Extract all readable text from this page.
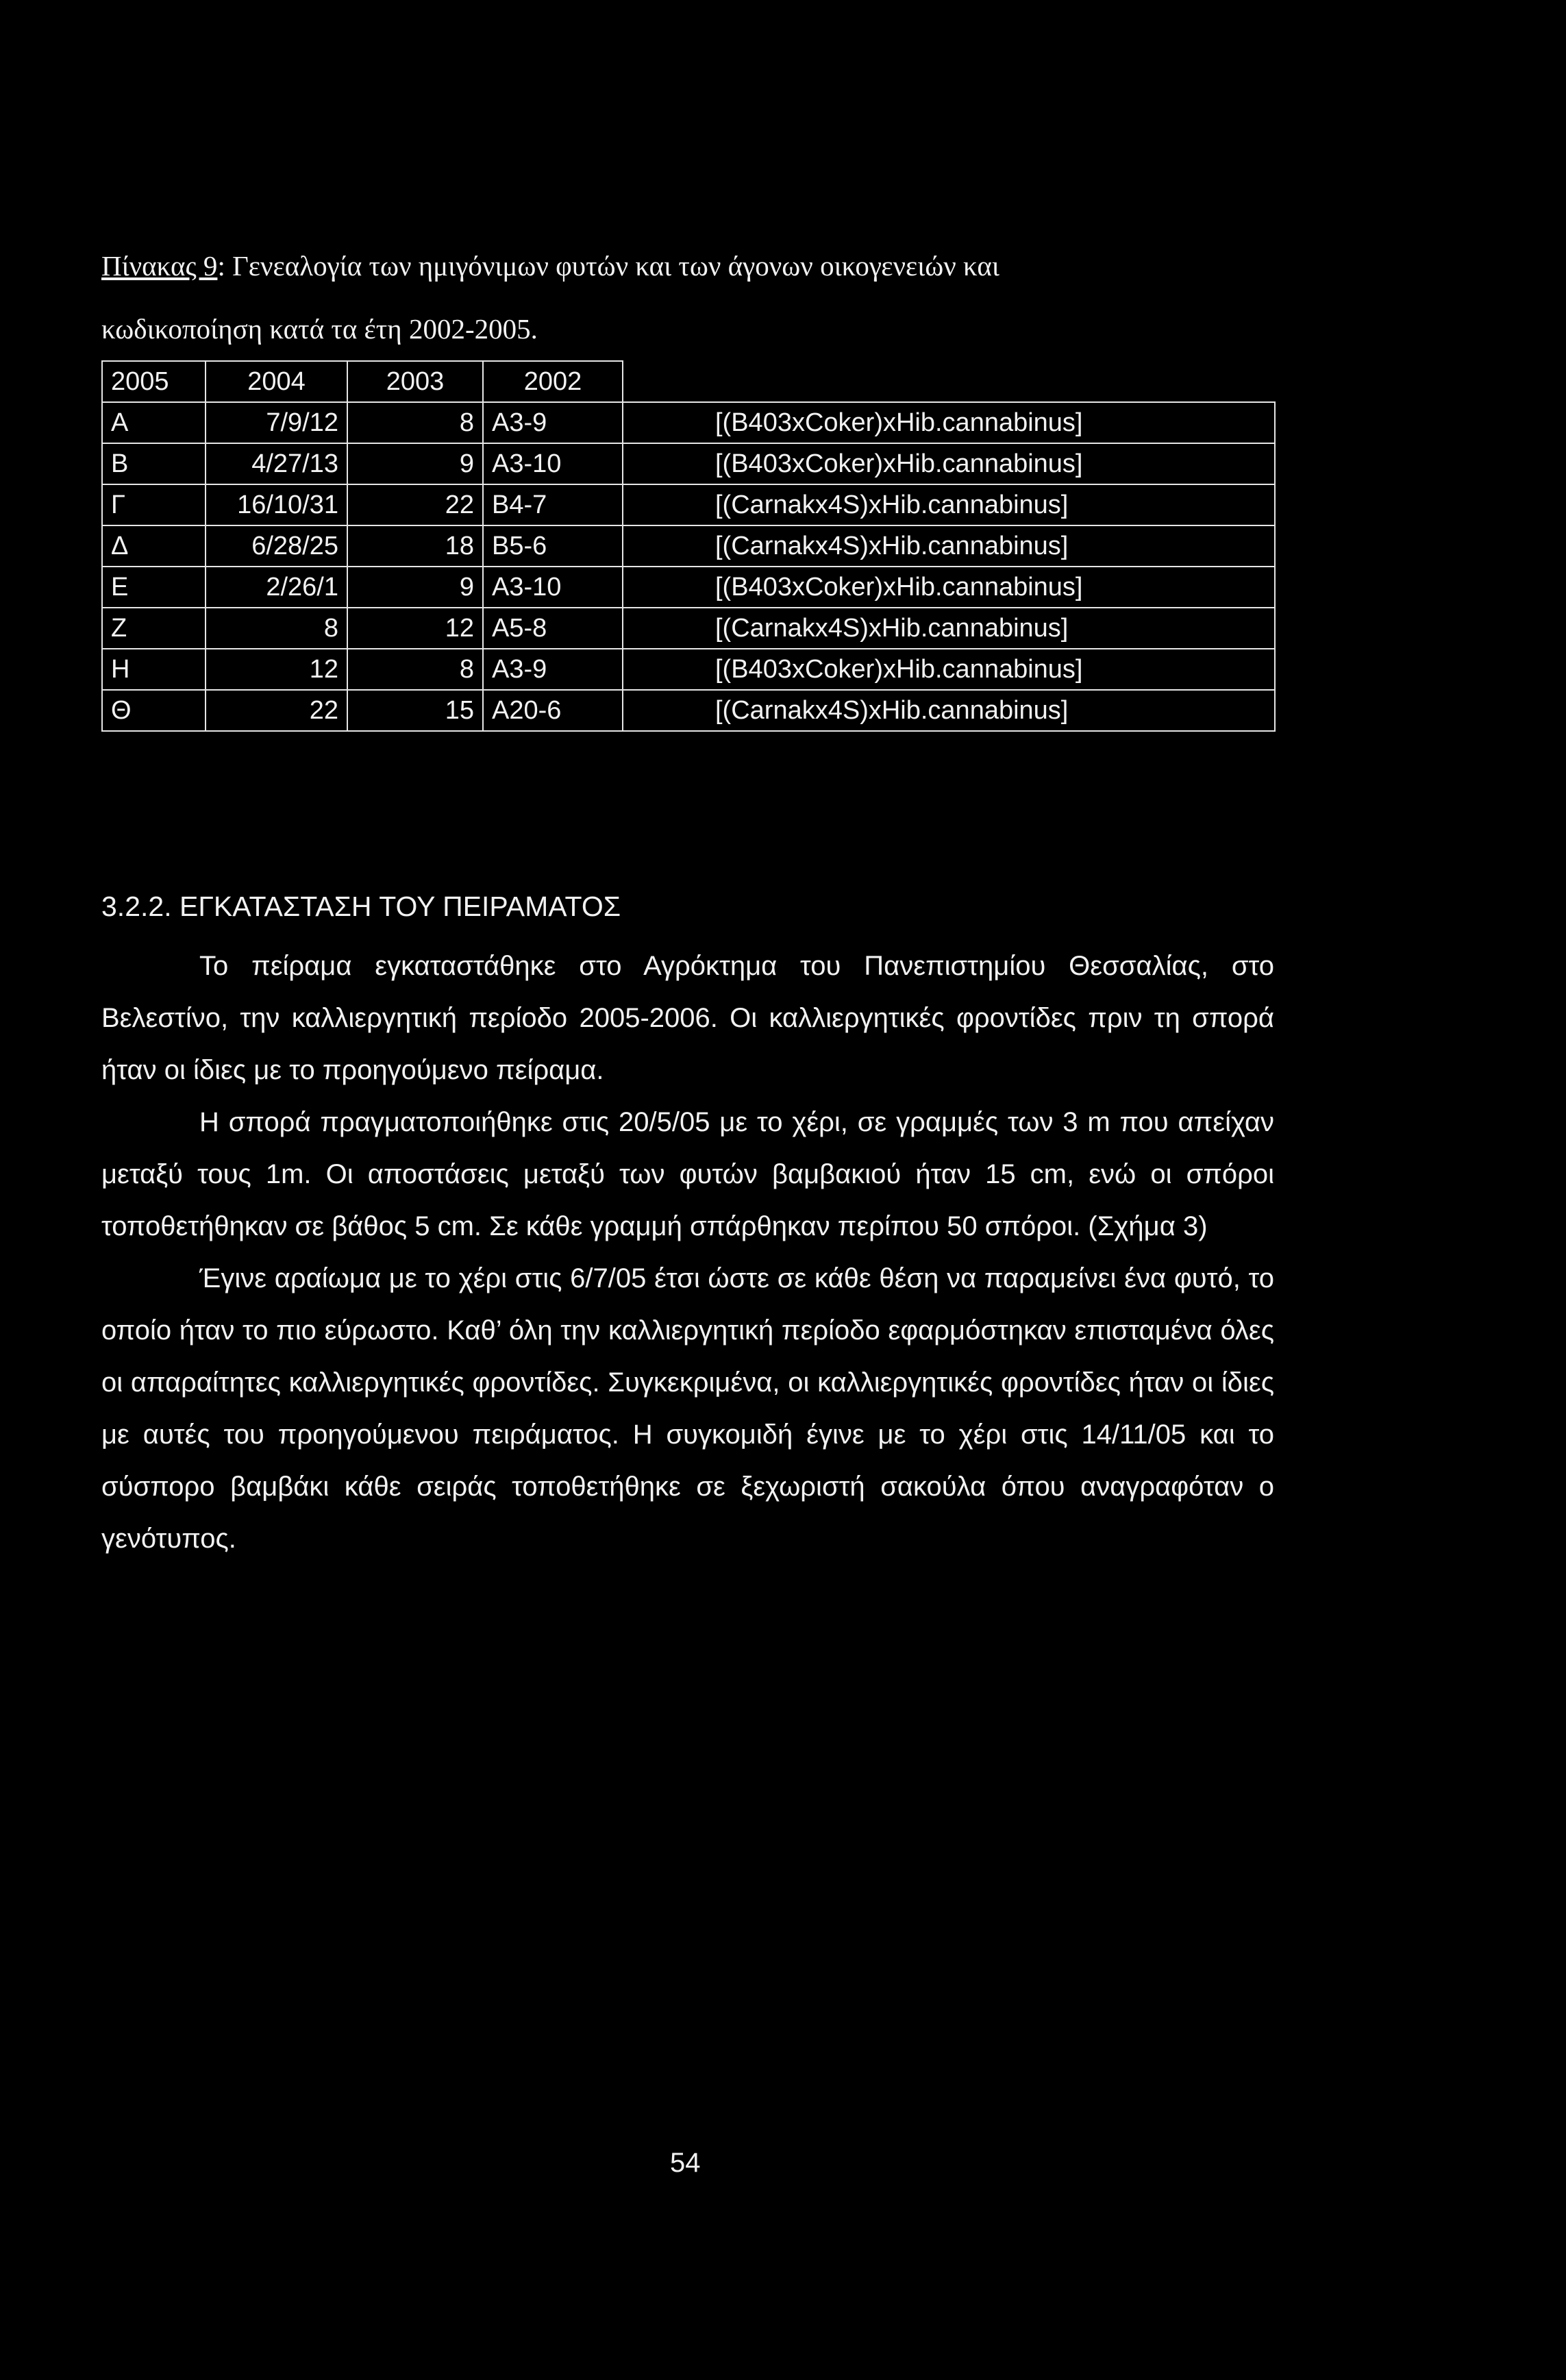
Πίνακας 9: Γενεαλογία των ημιγόνιμων φυτών και των άγονων οικογενειών και
κωδικοποίηση κατά τα έτη 2002-2005.
2005	2004	2003	2002	
Α	7/9/12	8	Α3-9	[(Β403xCoker)xHib.cannabinus]
Β	4/27/13	9	Α3-10	[(Β403xCoker)xHib.cannabinus]
Γ	16/10/31	22	Β4-7	[(Carnakx4S)xHib.cannabinus]
Δ	6/28/25	18	Β5-6	[(Carnakx4S)xHib.cannabinus]
Ε	2/26/1	9	Α3-10	[(Β403xCoker)xHib.cannabinus]
Ζ	8	12	Α5-8	[(Carnakx4S)xHib.cannabinus]
Η	12	8	Α3-9	[(Β403xCoker)xHib.cannabinus]
Θ	22	15	Α20-6	[(Carnakx4S)xHib.cannabinus]
3.2.2. ΕΓΚΑΤΑΣΤΑΣΗ ΤΟΥ ΠΕΙΡΑΜΑΤΟΣ

Το πείραμα εγκαταστάθηκε στο Αγρόκτημα του Πανεπιστημίου Θεσσαλίας, στο Βελεστίνο, την καλλιεργητική περίοδο 2005-2006. Οι καλλιεργητικές φροντίδες πριν τη σπορά ήταν οι ίδιες με το προηγούμενο πείραμα.

Η σπορά πραγματοποιήθηκε στις 20/5/05 με το χέρι, σε γραμμές των 3 m που απείχαν μεταξύ τους 1m. Οι αποστάσεις μεταξύ των φυτών βαμβακιού ήταν 15 cm, ενώ οι σπόροι τοποθετήθηκαν σε βάθος 5 cm. Σε κάθε γραμμή σπάρθηκαν περίπου 50 σπόροι. (Σχήμα 3)

Έγινε αραίωμα με το χέρι στις 6/7/05 έτσι ώστε σε κάθε θέση να παραμείνει ένα φυτό, το οποίο ήταν το πιο εύρωστο. Καθ’ όλη την καλλιεργητική περίοδο εφαρμόστηκαν επισταμένα όλες οι απαραίτητες καλλιεργητικές φροντίδες. Συγκεκριμένα, οι καλλιεργητικές φροντίδες ήταν οι ίδιες με αυτές του προηγούμενου πειράματος. Η συγκομιδή έγινε με το χέρι στις 14/11/05 και το σύσπορο βαμβάκι κάθε σειράς τοποθετήθηκε σε ξεχωριστή σακούλα όπου αναγραφόταν ο γενότυπος.

54
